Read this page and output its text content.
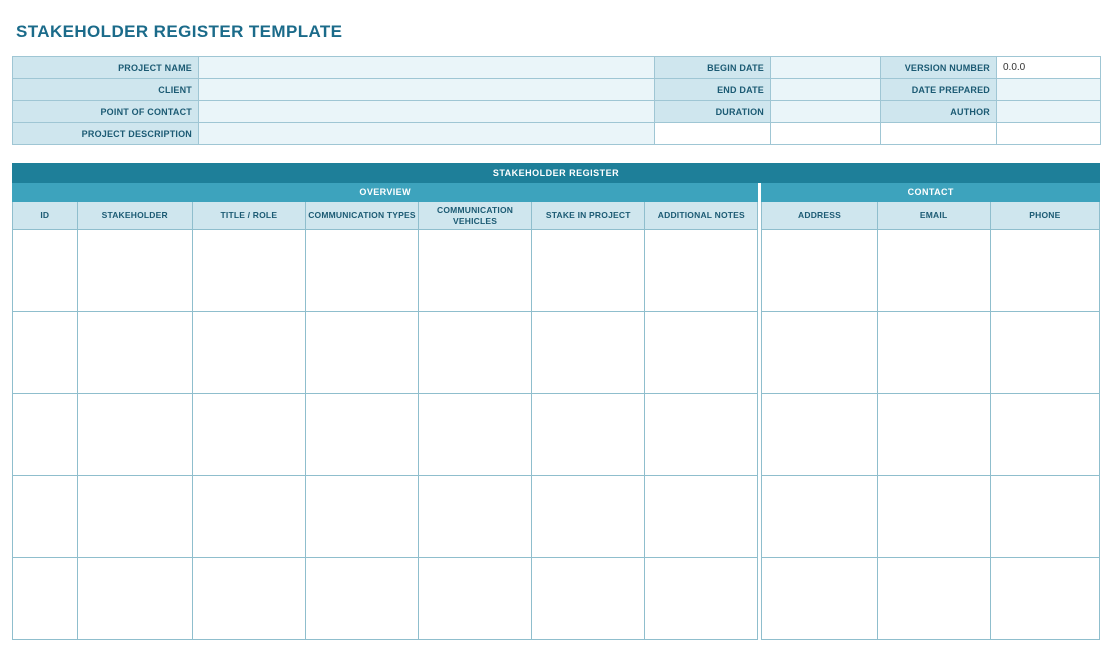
STAKEHOLDER REGISTER TEMPLATE
PROJECT NAME		BEGIN DATE		VERSION NUMBER	0.0.0
CLIENT		END DATE		DATE PREPARED	
POINT OF CONTACT		DURATION		AUTHOR	
PROJECT DESCRIPTION					
STAKEHOLDER REGISTER										
OVERVIEW								CONTACT		
ID	STAKEHOLDER	TITLE / ROLE	COMMUNICATION TYPES	COMMUNICATION VEHICLES	STAKE IN PROJECT	ADDITIONAL NOTES		ADDRESS	EMAIL	PHONE
